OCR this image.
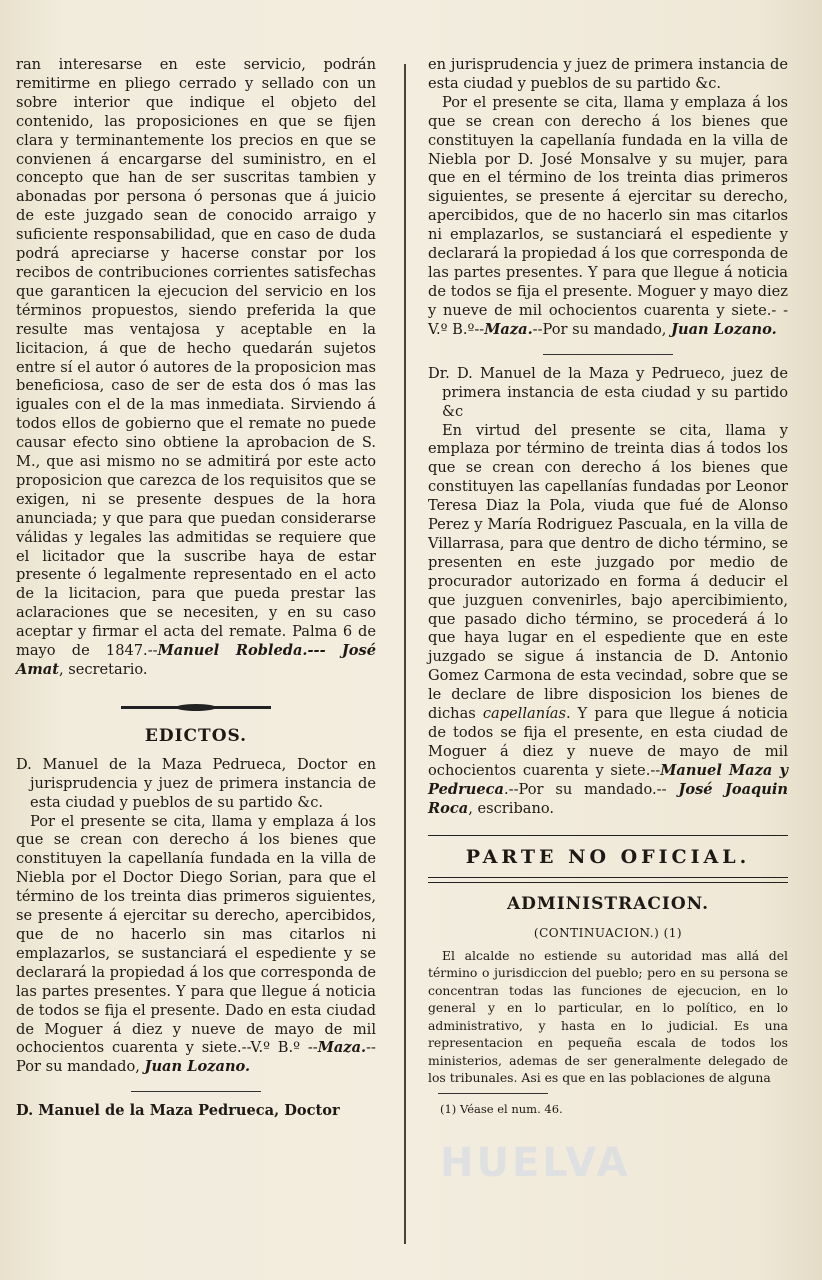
ran interesarse en este servicio, podrán remitirme en pliego cerrado y sellado con un sobre interior que indique el objeto del contenido, las proposiciones en que se fijen clara y terminantemente los precios en que se convienen á encargarse del suministro, en el concepto que han de ser suscritas tambien y abonadas por persona ó personas que á juicio de este juzgado sean de conocido arraigo y suficiente responsabilidad, que en caso de duda podrá apreciarse y hacerse constar por los recibos de contribuciones corrientes satisfechas que garanticen la ejecucion del servicio en los términos propuestos, siendo preferida la que resulte mas ventajosa y aceptable en la licitacion, á que de hecho quedarán sujetos entre sí el autor ó autores de la proposicion mas beneficiosa, caso de ser de esta dos ó mas las iguales con el de la mas inmediata. Sirviendo á todos ellos de gobierno que el remate no puede causar efecto sino obtiene la aprobacion de S. M., que asi mismo no se admitirá por este acto proposicion que carezca de los requisitos que se exigen, ni se presente despues de la hora anunciada; y que para que puedan considerarse válidas y legales las admitidas se requiere que el licitador que la suscribe haya de estar presente ó legalmente representado en el acto de la licitacion, para que pueda prestar las aclaraciones que se necesiten, y en su caso aceptar y firmar el acta del remate. Palma 6 de mayo de 1847.--Manuel Robleda.--- José Amat, secretario.

EDICTOS.

D. Manuel de la Maza Pedrueca, Doctor en jurisprudencia y juez de primera instancia de esta ciudad y pueblos de su partido &c.

Por el presente se cita, llama y emplaza á los que se crean con derecho á los bienes que constituyen la capellanía fundada en la villa de Niebla por el Doctor Diego Sorian, para que el término de los treinta dias primeros siguientes, se presente á ejercitar su derecho, apercibidos, que de no hacerlo sin mas citarlos ni emplazarlos, se sustanciará el espediente y se declarará la propiedad á los que corresponda de las partes presentes. Y para que llegue á noticia de todos se fija el presente. Dado en esta ciudad de Moguer á diez y nueve de mayo de mil ochocientos cuarenta y siete.--V.º B.º --Maza.--Por su mandado, Juan Lozano.

D. Manuel de la Maza Pedrueca, Doctor

en jurisprudencia y juez de primera instancia de esta ciudad y pueblos de su partido &c.

Por el presente se cita, llama y emplaza á los que se crean con derecho á los bienes que constituyen la capellanía fundada en la villa de Niebla por D. José Monsalve y su mujer, para que en el término de los treinta dias primeros siguientes, se presente á ejercitar su derecho, apercibidos, que de no hacerlo sin mas citarlos ni emplazarlos, se sustanciará el espediente y declarará la propiedad á los que corresponda de las partes presentes. Y para que llegue á noticia de todos se fija el presente. Moguer y mayo diez y nueve de mil ochocientos cuarenta y siete.- -V.º B.º--Maza.--Por su mandado, Juan Lozano.

Dr. D. Manuel de la Maza y Pedrueco, juez de primera instancia de esta ciudad y su partido &c

En virtud del presente se cita, llama y emplaza por término de treinta dias á todos los que se crean con derecho á los bienes que constituyen las capellanías fundadas por Leonor Teresa Diaz la Pola, viuda que fué de Alonso Perez y María Rodriguez Pascuala, en la villa de Villarrasa, para que dentro de dicho término, se presenten en este juzgado por medio de procurador autorizado en forma á deducir el que juzguen convenirles, bajo apercibimiento, que pasado dicho término, se procederá á lo que haya lugar en el espediente que en este juzgado se sigue á instancia de D. Antonio Gomez Carmona de esta vecindad, sobre que se le declare de libre disposicion los bienes de dichas capellanías. Y para que llegue á noticia de todos se fija el presente, en esta ciudad de Moguer á diez y nueve de mayo de mil ochocientos cuarenta y siete.--Manuel Maza y Pedrueca.--Por su mandado.-- José Joaquin Roca, escribano.

PARTE NO OFICIAL.
ADMINISTRACION.
(CONTINUACION.) (1)

El alcalde no estiende su autoridad mas allá del término o jurisdiccion del pueblo; pero en su persona se concentran todas las funciones de ejecucion, en lo general y en lo particular, en lo político, en lo administrativo, y hasta en lo judicial. Es una representacion en pequeña escala de todos los ministerios, ademas de ser generalmente delegado de los tribunales. Asi es que en las poblaciones de alguna

(1) Véase el num. 46.
HUELVA
